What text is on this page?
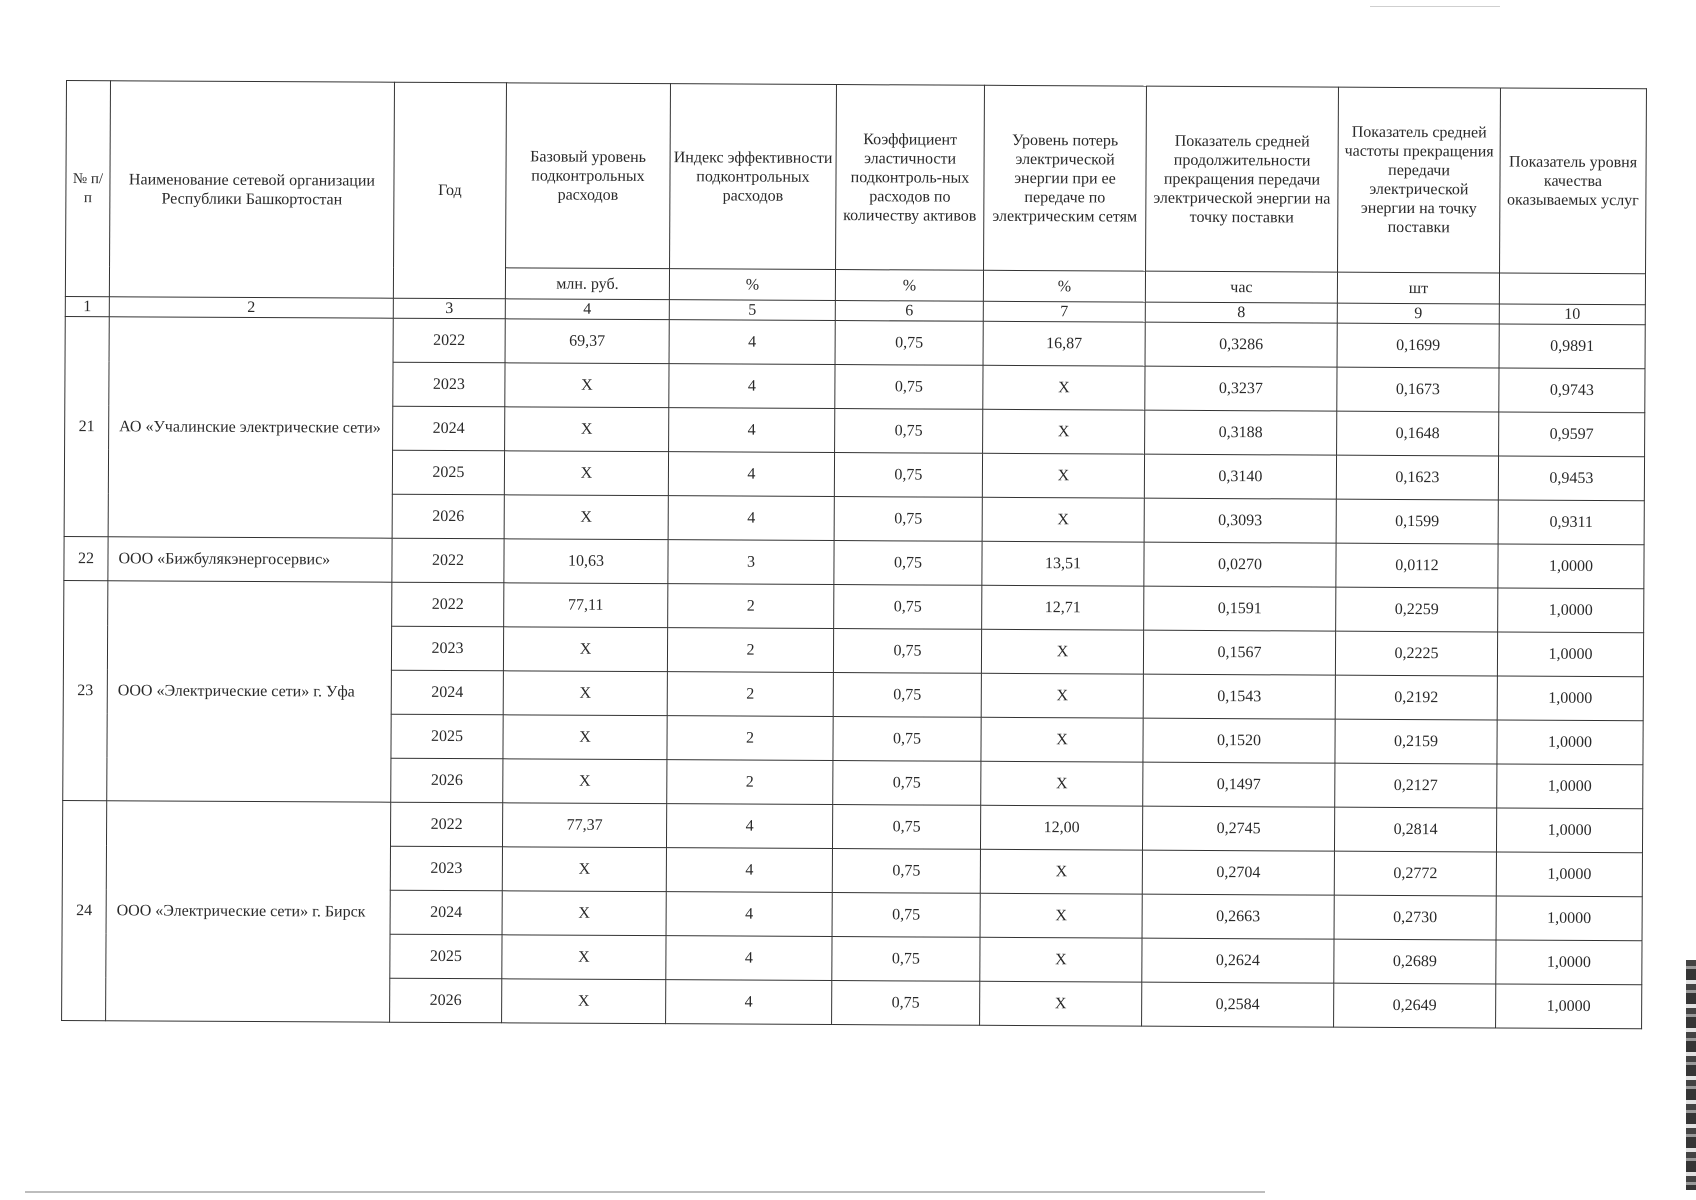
№ п/п	Наименование сетевой организации Республики Башкортостан	Год	Базовый уровень подконтрольных расходов	Индекс эффективности подконтрольных расходов	Коэффициент эластичности подконтроль-ных расходов по количеству активов	Уровень потерь электрической энергии при ее передаче по электрическим сетям	Показатель средней продолжительности прекращения передачи электрической энергии на точку поставки	Показатель средней частоты прекращения передачи электрической энергии на точку поставки	Показатель уровня качества оказываемых услуг
			млн. руб.	%	%	%	час	шт	
1	2	3	4	5	6	7	8	9	10
21	АО «Учалинские электрические сети»	2022	69,37	4	0,75	16,87	0,3286	0,1699	0,9891
		2023	Х	4	0,75	Х	0,3237	0,1673	0,9743
		2024	Х	4	0,75	Х	0,3188	0,1648	0,9597
		2025	Х	4	0,75	Х	0,3140	0,1623	0,9453
		2026	Х	4	0,75	Х	0,3093	0,1599	0,9311
22	ООО «Бижбулякэнергосервис»	2022	10,63	3	0,75	13,51	0,0270	0,0112	1,0000
23	ООО «Электрические сети» г. Уфа	2022	77,11	2	0,75	12,71	0,1591	0,2259	1,0000
		2023	Х	2	0,75	Х	0,1567	0,2225	1,0000
		2024	Х	2	0,75	Х	0,1543	0,2192	1,0000
		2025	Х	2	0,75	Х	0,1520	0,2159	1,0000
		2026	Х	2	0,75	Х	0,1497	0,2127	1,0000
24	ООО «Электрические сети» г. Бирск	2022	77,37	4	0,75	12,00	0,2745	0,2814	1,0000
		2023	Х	4	0,75	Х	0,2704	0,2772	1,0000
		2024	Х	4	0,75	Х	0,2663	0,2730	1,0000
		2025	Х	4	0,75	Х	0,2624	0,2689	1,0000
		2026	Х	4	0,75	Х	0,2584	0,2649	1,0000
